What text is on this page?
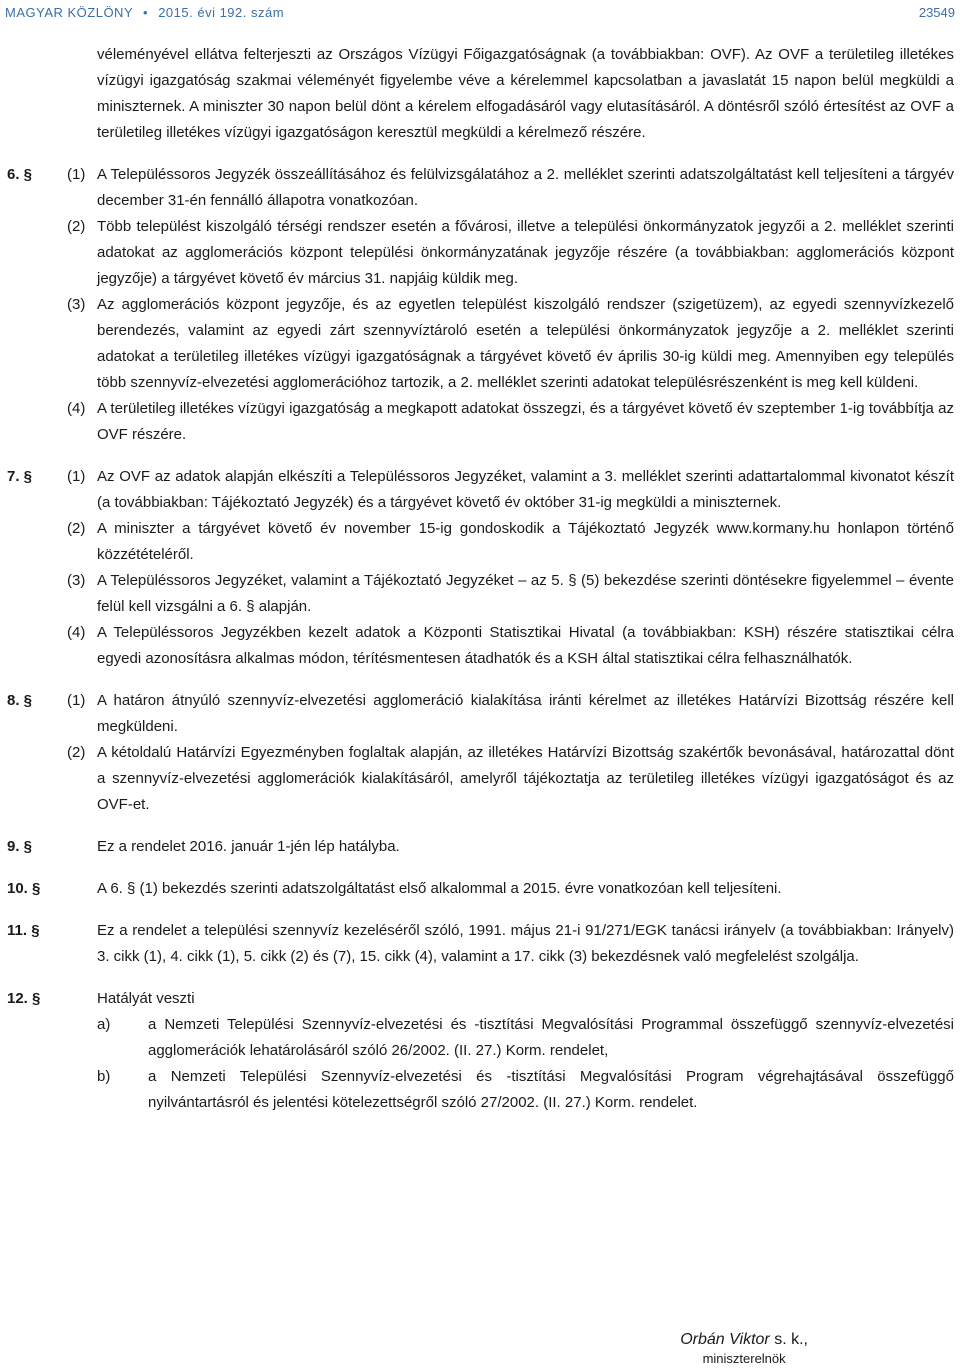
MAGYAR KÖZLÖNY • 2015. évi 192. szám	23549
véleményével ellátva felterjeszti az Országos Vízügyi Főigazgatóságnak (a továbbiakban: OVF). Az OVF a területileg illetékes vízügyi igazgatóság szakmai véleményét figyelembe véve a kérelemmel kapcsolatban a javaslatát 15 napon belül megküldi a miniszternek. A miniszter 30 napon belül dönt a kérelem elfogadásáról vagy elutasításáról. A döntésről szóló értesítést az OVF a területileg illetékes vízügyi igazgatóságon keresztül megküldi a kérelmező részére.
6. § (1) A Településsoros Jegyzék összeállításához és felülvizsgálatához a 2. melléklet szerinti adatszolgáltatást kell teljesíteni a tárgyév december 31-én fennálló állapotra vonatkozóan.
(2) Több települést kiszolgáló térségi rendszer esetén a fővárosi, illetve a települési önkormányzatok jegyzői a 2. melléklet szerinti adatokat az agglomerációs központ települési önkormányzatának jegyzője részére (a továbbiakban: agglomerációs központ jegyzője) a tárgyévet követő év március 31. napjáig küldik meg.
(3) Az agglomerációs központ jegyzője, és az egyetlen települést kiszolgáló rendszer (szigetüzem), az egyedi szennyvízkezelő berendezés, valamint az egyedi zárt szennyvíztároló esetén a települési önkormányzatok jegyzője a 2. melléklet szerinti adatokat a területileg illetékes vízügyi igazgatóságnak a tárgyévet követő év április 30-ig küldi meg. Amennyiben egy település több szennyvíz-elvezetési agglomerációhoz tartozik, a 2. melléklet szerinti adatokat településrészenként is meg kell küldeni.
(4) A területileg illetékes vízügyi igazgatóság a megkapott adatokat összegzi, és a tárgyévet követő év szeptember 1-ig továbbítja az OVF részére.
7. § (1) Az OVF az adatok alapján elkészíti a Településsoros Jegyzéket, valamint a 3. melléklet szerinti adattartalommal kivonatot készít (a továbbiakban: Tájékoztató Jegyzék) és a tárgyévet követő év október 31-ig megküldi a miniszternek.
(2) A miniszter a tárgyévet követő év november 15-ig gondoskodik a Tájékoztató Jegyzék www.kormany.hu honlapon történő közzétételéről.
(3) A Településsoros Jegyzéket, valamint a Tájékoztató Jegyzéket – az 5. § (5) bekezdése szerinti döntésekre figyelemmel – évente felül kell vizsgálni a 6. § alapján.
(4) A Településsoros Jegyzékben kezelt adatok a Központi Statisztikai Hivatal (a továbbiakban: KSH) részére statisztikai célra egyedi azonosításra alkalmas módon, térítésmentesen átadhatók és a KSH által statisztikai célra felhasználhatók.
8. § (1) A határon átnyúló szennyvíz-elvezetési agglomeráció kialakítása iránti kérelmet az illetékes Határvízi Bizottság részére kell megküldeni.
(2) A kétoldalú Határvízi Egyezményben foglaltak alapján, az illetékes Határvízi Bizottság szakértők bevonásával, határozattal dönt a szennyvíz-elvezetési agglomerációk kialakításáról, amelyről tájékoztatja az területileg illetékes vízügyi igazgatóságot és az OVF-et.
9. §	Ez a rendelet 2016. január 1-jén lép hatályba.
10. §	A 6. § (1) bekezdés szerinti adatszolgáltatást első alkalommal a 2015. évre vonatkozóan kell teljesíteni.
11. §	Ez a rendelet a települési szennyvíz kezeléséről szóló, 1991. május 21-i 91/271/EGK tanácsi irányelv (a továbbiakban: Irányelv) 3. cikk (1), 4. cikk (1), 5. cikk (2) és (7), 15. cikk (4), valamint a 17. cikk (3) bekezdésnek való megfelelést szolgálja.
12. §	Hatályát veszti
a)	a Nemzeti Települési Szennyvíz-elvezetési és -tisztítási Megvalósítási Programmal összefüggő szennyvíz-elvezetési agglomerációk lehatárolásáról szóló 26/2002. (II. 27.) Korm. rendelet,
b)	a Nemzeti Települési Szennyvíz-elvezetési és -tisztítási Megvalósítási Program végrehajtásával összefüggő nyilvántartásról és jelentési kötelezettségről szóló 27/2002. (II. 27.) Korm. rendelet.
Orbán Viktor s. k.,
miniszterelnök
